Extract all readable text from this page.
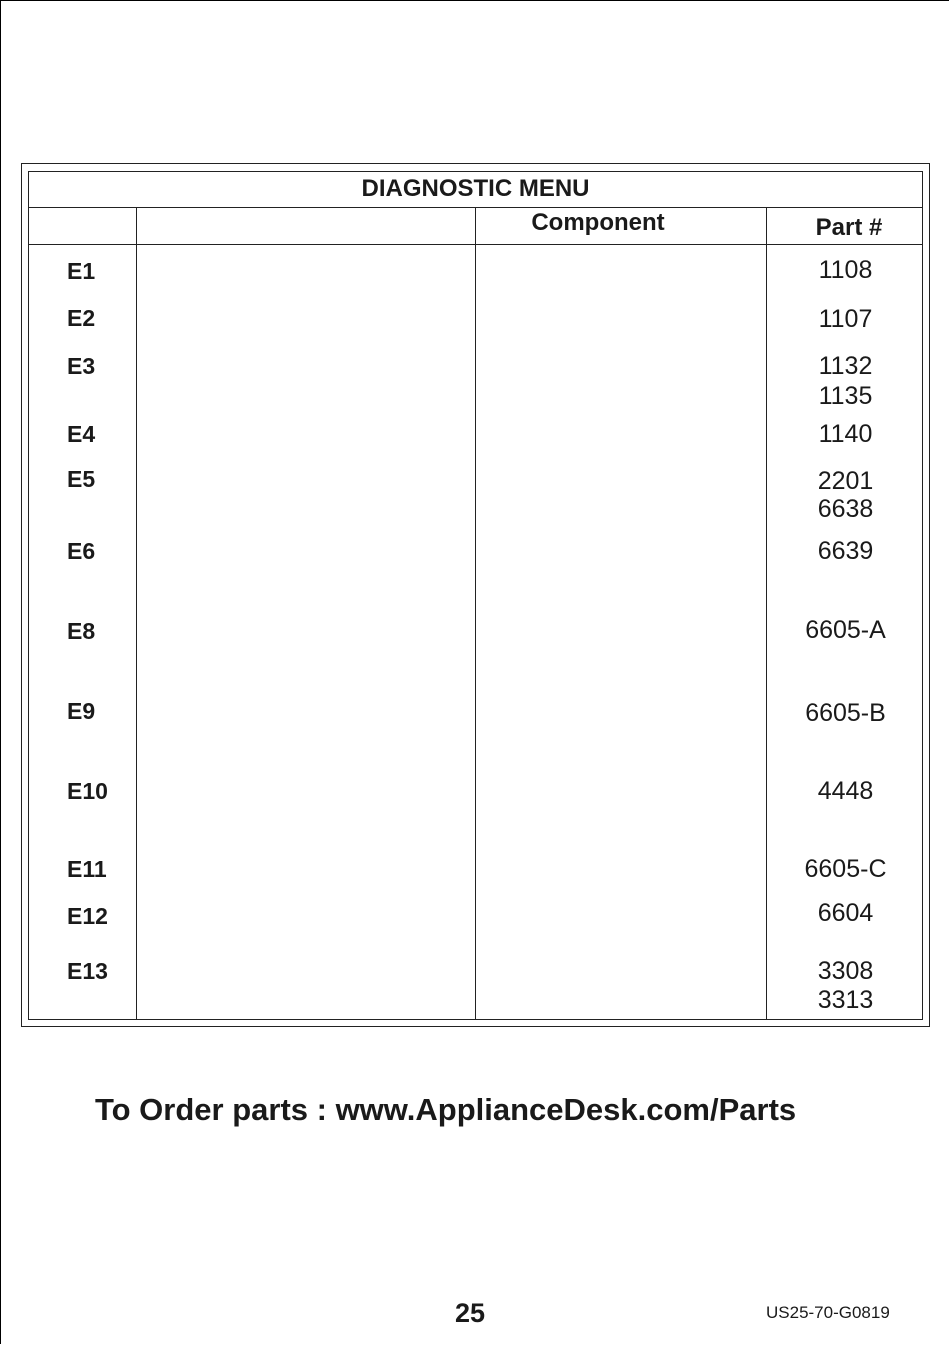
DIAGNOSTIC MENU
Component	Part #
E1
E2
E3
E4
E5
E6
E8
E9
E10
E11
E12
E13
1108
1107
1132
1135
1140
2201
6638
6639
6605-A
6605-B
4448
6605-C
6604
3308
3313
To Order parts : www.ApplianceDesk.com/Parts
25	US25-70-G0819
